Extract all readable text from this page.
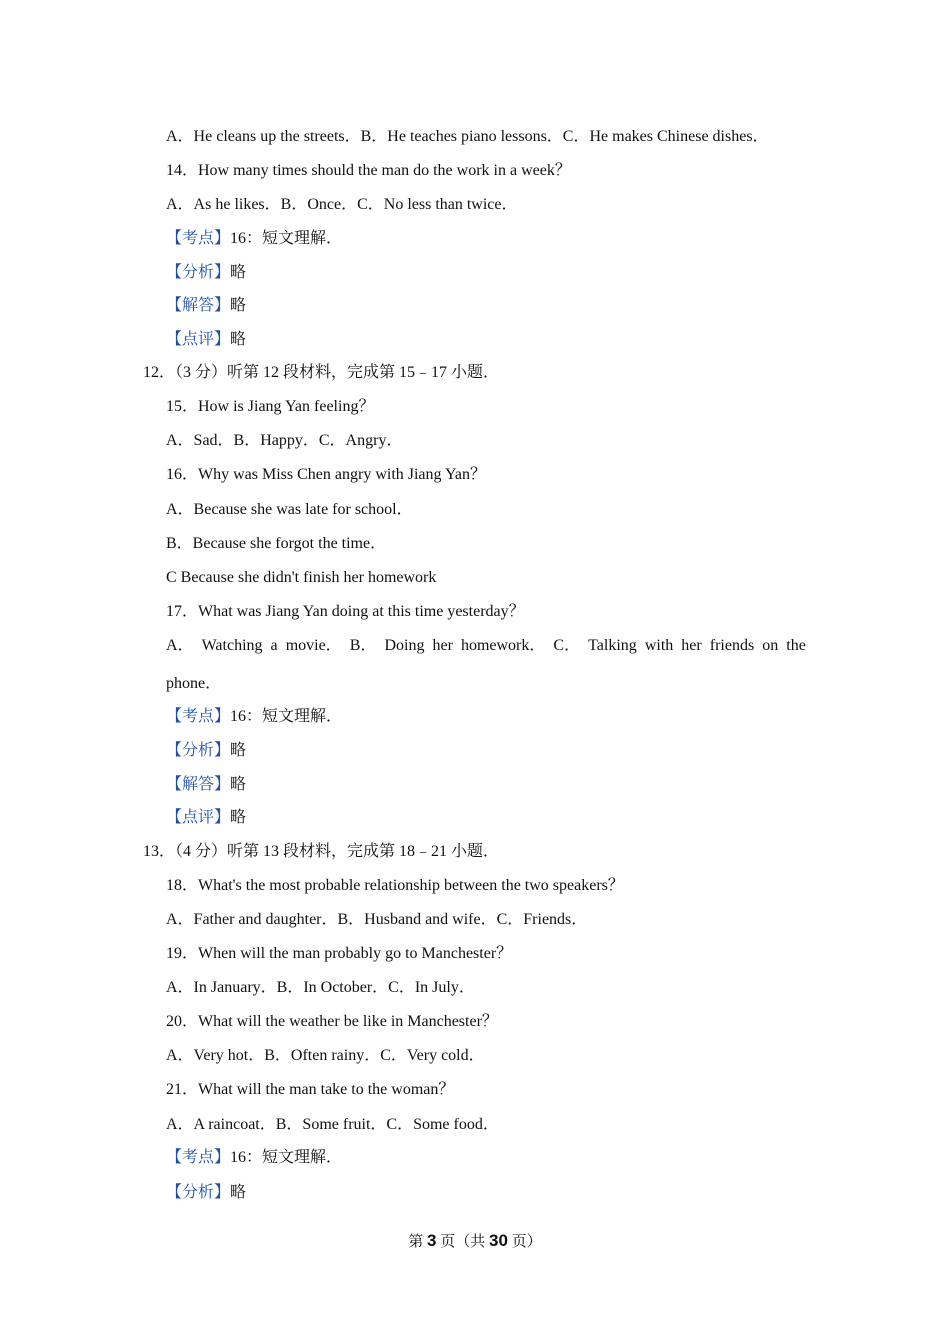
A．He cleans up the streets．B．He teaches piano lessons．C．He makes Chinese dishes．
14．How many times should the man do the work in a week？
A．As he likes．B．Once．C．No less than twice．
【考点】16：短文理解．
【分析】略
【解答】略
【点评】略
12．（3 分）听第 12 段材料，完成第 15﹣17 小题．
15．How is Jiang Yan feeling？
A．Sad．B．Happy．C．Angry．
16．Why was Miss Chen angry with Jiang Yan？
A．Because she was late for school．
B．Because she forgot the time．
C Because she didn't finish her homework
17．What was Jiang Yan doing at this time yesterday？
A． Watching a movie． B． Doing her homework． C． Talking with her friends on the
phone．
【考点】16：短文理解．
【分析】略
【解答】略
【点评】略
13．（4 分）听第 13 段材料，完成第 18﹣21 小题．
18．What's the most probable relationship between the two speakers？
A．Father and daughter．B．Husband and wife．C．Friends．
19．When will the man probably go to Manchester？
A．In January．B．In October．C．In July．
20．What will the weather be like in Manchester？
A．Very hot．B．Often rainy．C．Very cold．
21．What will the man take to the woman？
A．A raincoat．B．Some fruit．C．Some food．
【考点】16：短文理解．
【分析】略
第 3 页（共 30 页）
